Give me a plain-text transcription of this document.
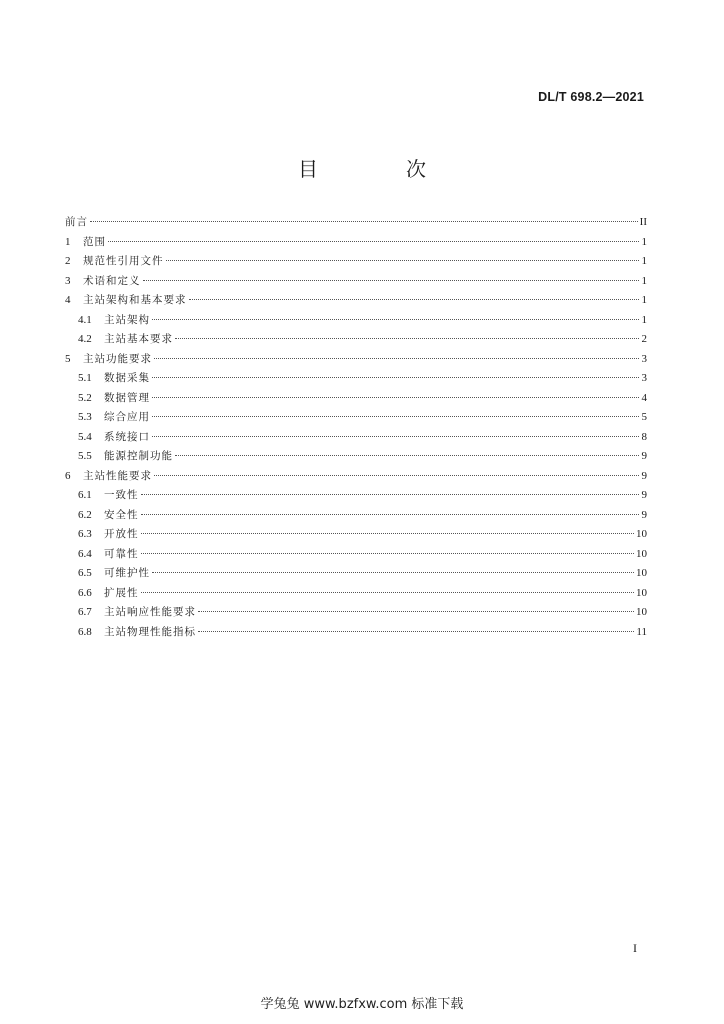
DL/T 698.2—2021
目　次
前言	II
1	范围	1
2	规范性引用文件	1
3	术语和定义	1
4	主站架构和基本要求	1
4.1	主站架构	1
4.2	主站基本要求	2
5	主站功能要求	3
5.1	数据采集	3
5.2	数据管理	4
5.3	综合应用	5
5.4	系统接口	8
5.5	能源控制功能	9
6	主站性能要求	9
6.1	一致性	9
6.2	安全性	9
6.3	开放性	10
6.4	可靠性	10
6.5	可维护性	10
6.6	扩展性	10
6.7	主站响应性能要求	10
6.8	主站物理性能指标	11
I
学兔兔 www.bzfxw.com 标准下载
